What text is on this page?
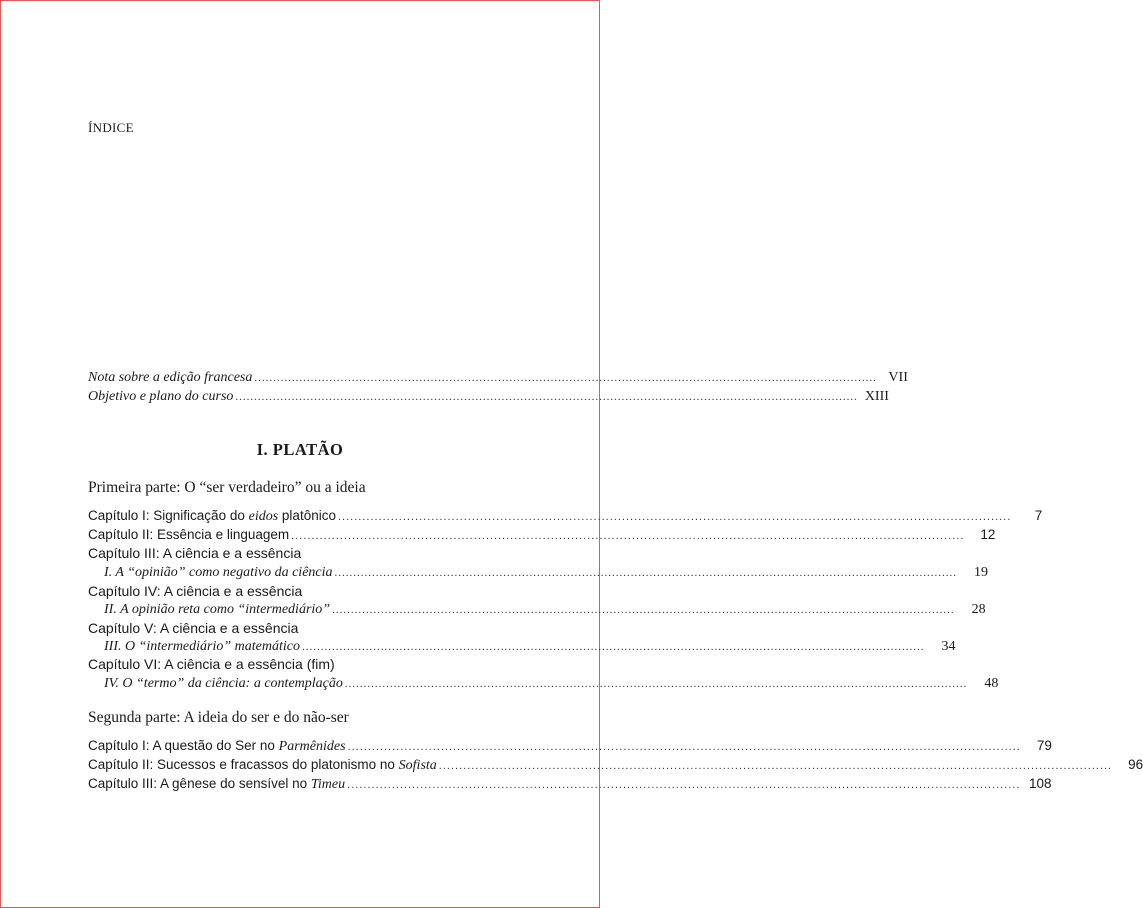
ÍNDICE
Nota sobre a edição francesa .....	VII
Objetivo e plano do curso .....	XIII
I. PLATÃO
Primeira parte: O “ser verdadeiro” ou a ideia
Capítulo I: Significação do eidos platônico .....	7
Capítulo II: Essência e linguagem .....	12
Capítulo III: A ciência e a essência
I. A “opinião” como negativo da ciência .....	19
Capítulo IV: A ciência e a essência
II. A opinião reta como “intermediário” .....	28
Capítulo V: A ciência e a essência
III. O “intermediário” matemático .....	34
Capítulo VI: A ciência e a essência (fim)
IV. O “termo” da ciência: a contemplação .....	48
Segunda parte: A ideia do ser e do não-ser
Capítulo I: A questão do Ser no Parmênides .....	79
Capítulo II: Sucessos e fracassos do platonismo no Sofista .....	96
Capítulo III: A gênese do sensível no Timeu .....	108
